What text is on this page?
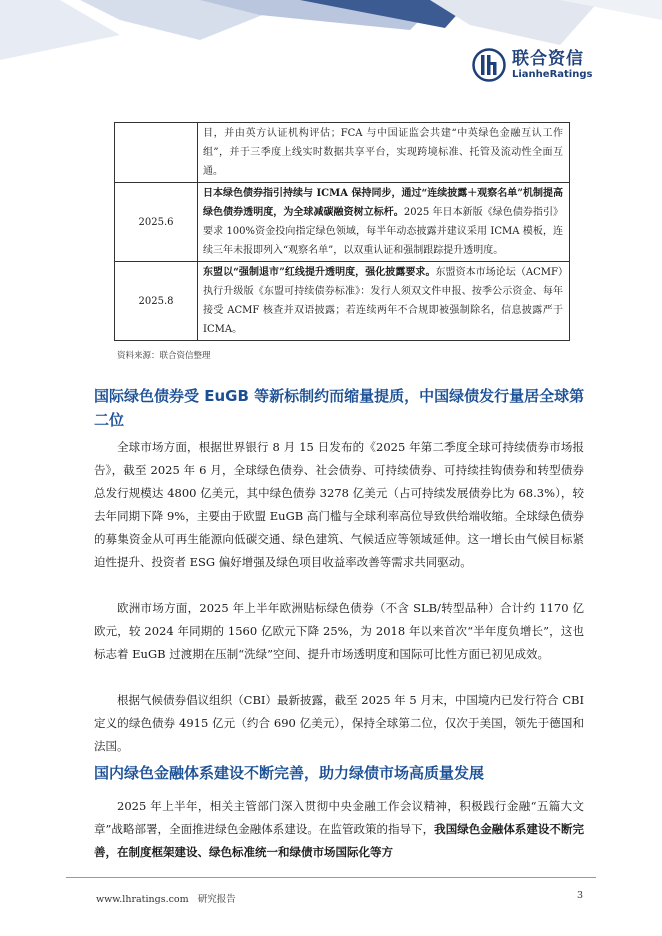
联合资信
LianheRatings
	目，并由英方认证机构评估；FCA 与中国证监会共建“中英绿色金融互认工作组”，并于三季度上线实时数据共享平台，实现跨境标准、托管及流动性全面互通。
2025.6	日本绿色债券指引持续与 ICMA 保持同步，通过“连续披露＋观察名单”机制提高绿色债券透明度，为全球减碳融资树立标杆。2025 年日本新版《绿色债券指引》要求 100%资金投向指定绿色领域，每半年动态披露并建议采用 ICMA 模板，连续三年未报即列入“观察名单”，以双重认证和强制跟踪提升透明度。
2025.8	东盟以“强制退市”红线提升透明度，强化披露要求。东盟资本市场论坛（ACMF）执行升级版《东盟可持续债券标准》：发行人须双文件申报、按季公示资金、每年接受 ACMF 核查并双语披露；若连续两年不合规即被强制除名，信息披露严于 ICMA。
资料来源：联合资信整理
国际绿色债券受 EuGB 等新标制约而缩量提质，中国绿债发行量居全球第二位

全球市场方面，根据世界银行 8 月 15 日发布的《2025 年第二季度全球可持续债券市场报告》，截至 2025 年 6 月，全球绿色债券、社会债券、可持续债券、可持续挂钩债券和转型债券总发行规模达 4800 亿美元，其中绿色债券 3278 亿美元（占可持续发展债券比为 68.3%），较去年同期下降 9%，主要由于欧盟 EuGB 高门槛与全球利率高位导致供给端收缩。全球绿色债券的募集资金从可再生能源向低碳交通、绿色建筑、气候适应等领域延伸。这一增长由气候目标紧迫性提升、投资者 ESG 偏好增强及绿色项目收益率改善等需求共同驱动。

欧洲市场方面，2025 年上半年欧洲贴标绿色债券（不含 SLB/转型品种）合计约 1170 亿欧元，较 2024 年同期的 1560 亿欧元下降 25%，为 2018 年以来首次“半年度负增长”，这也标志着 EuGB 过渡期在压制“洗绿”空间、提升市场透明度和国际可比性方面已初见成效。

根据气候债券倡议组织（CBI）最新披露，截至 2025 年 5 月末，中国境内已发行符合 CBI 定义的绿色债券 4915 亿元（约合 690 亿美元），保持全球第二位，仅次于美国，领先于德国和法国。

国内绿色金融体系建设不断完善，助力绿债市场高质量发展

2025 年上半年，相关主管部门深入贯彻中央金融工作会议精神，积极践行金融“五篇大文章”战略部署，全面推进绿色金融体系建设。在监管政策的指导下，我国绿色金融体系建设不断完善，在制度框架建设、绿色标准统一和绿债市场国际化等方

www.lhratings.com 研究报告	3
